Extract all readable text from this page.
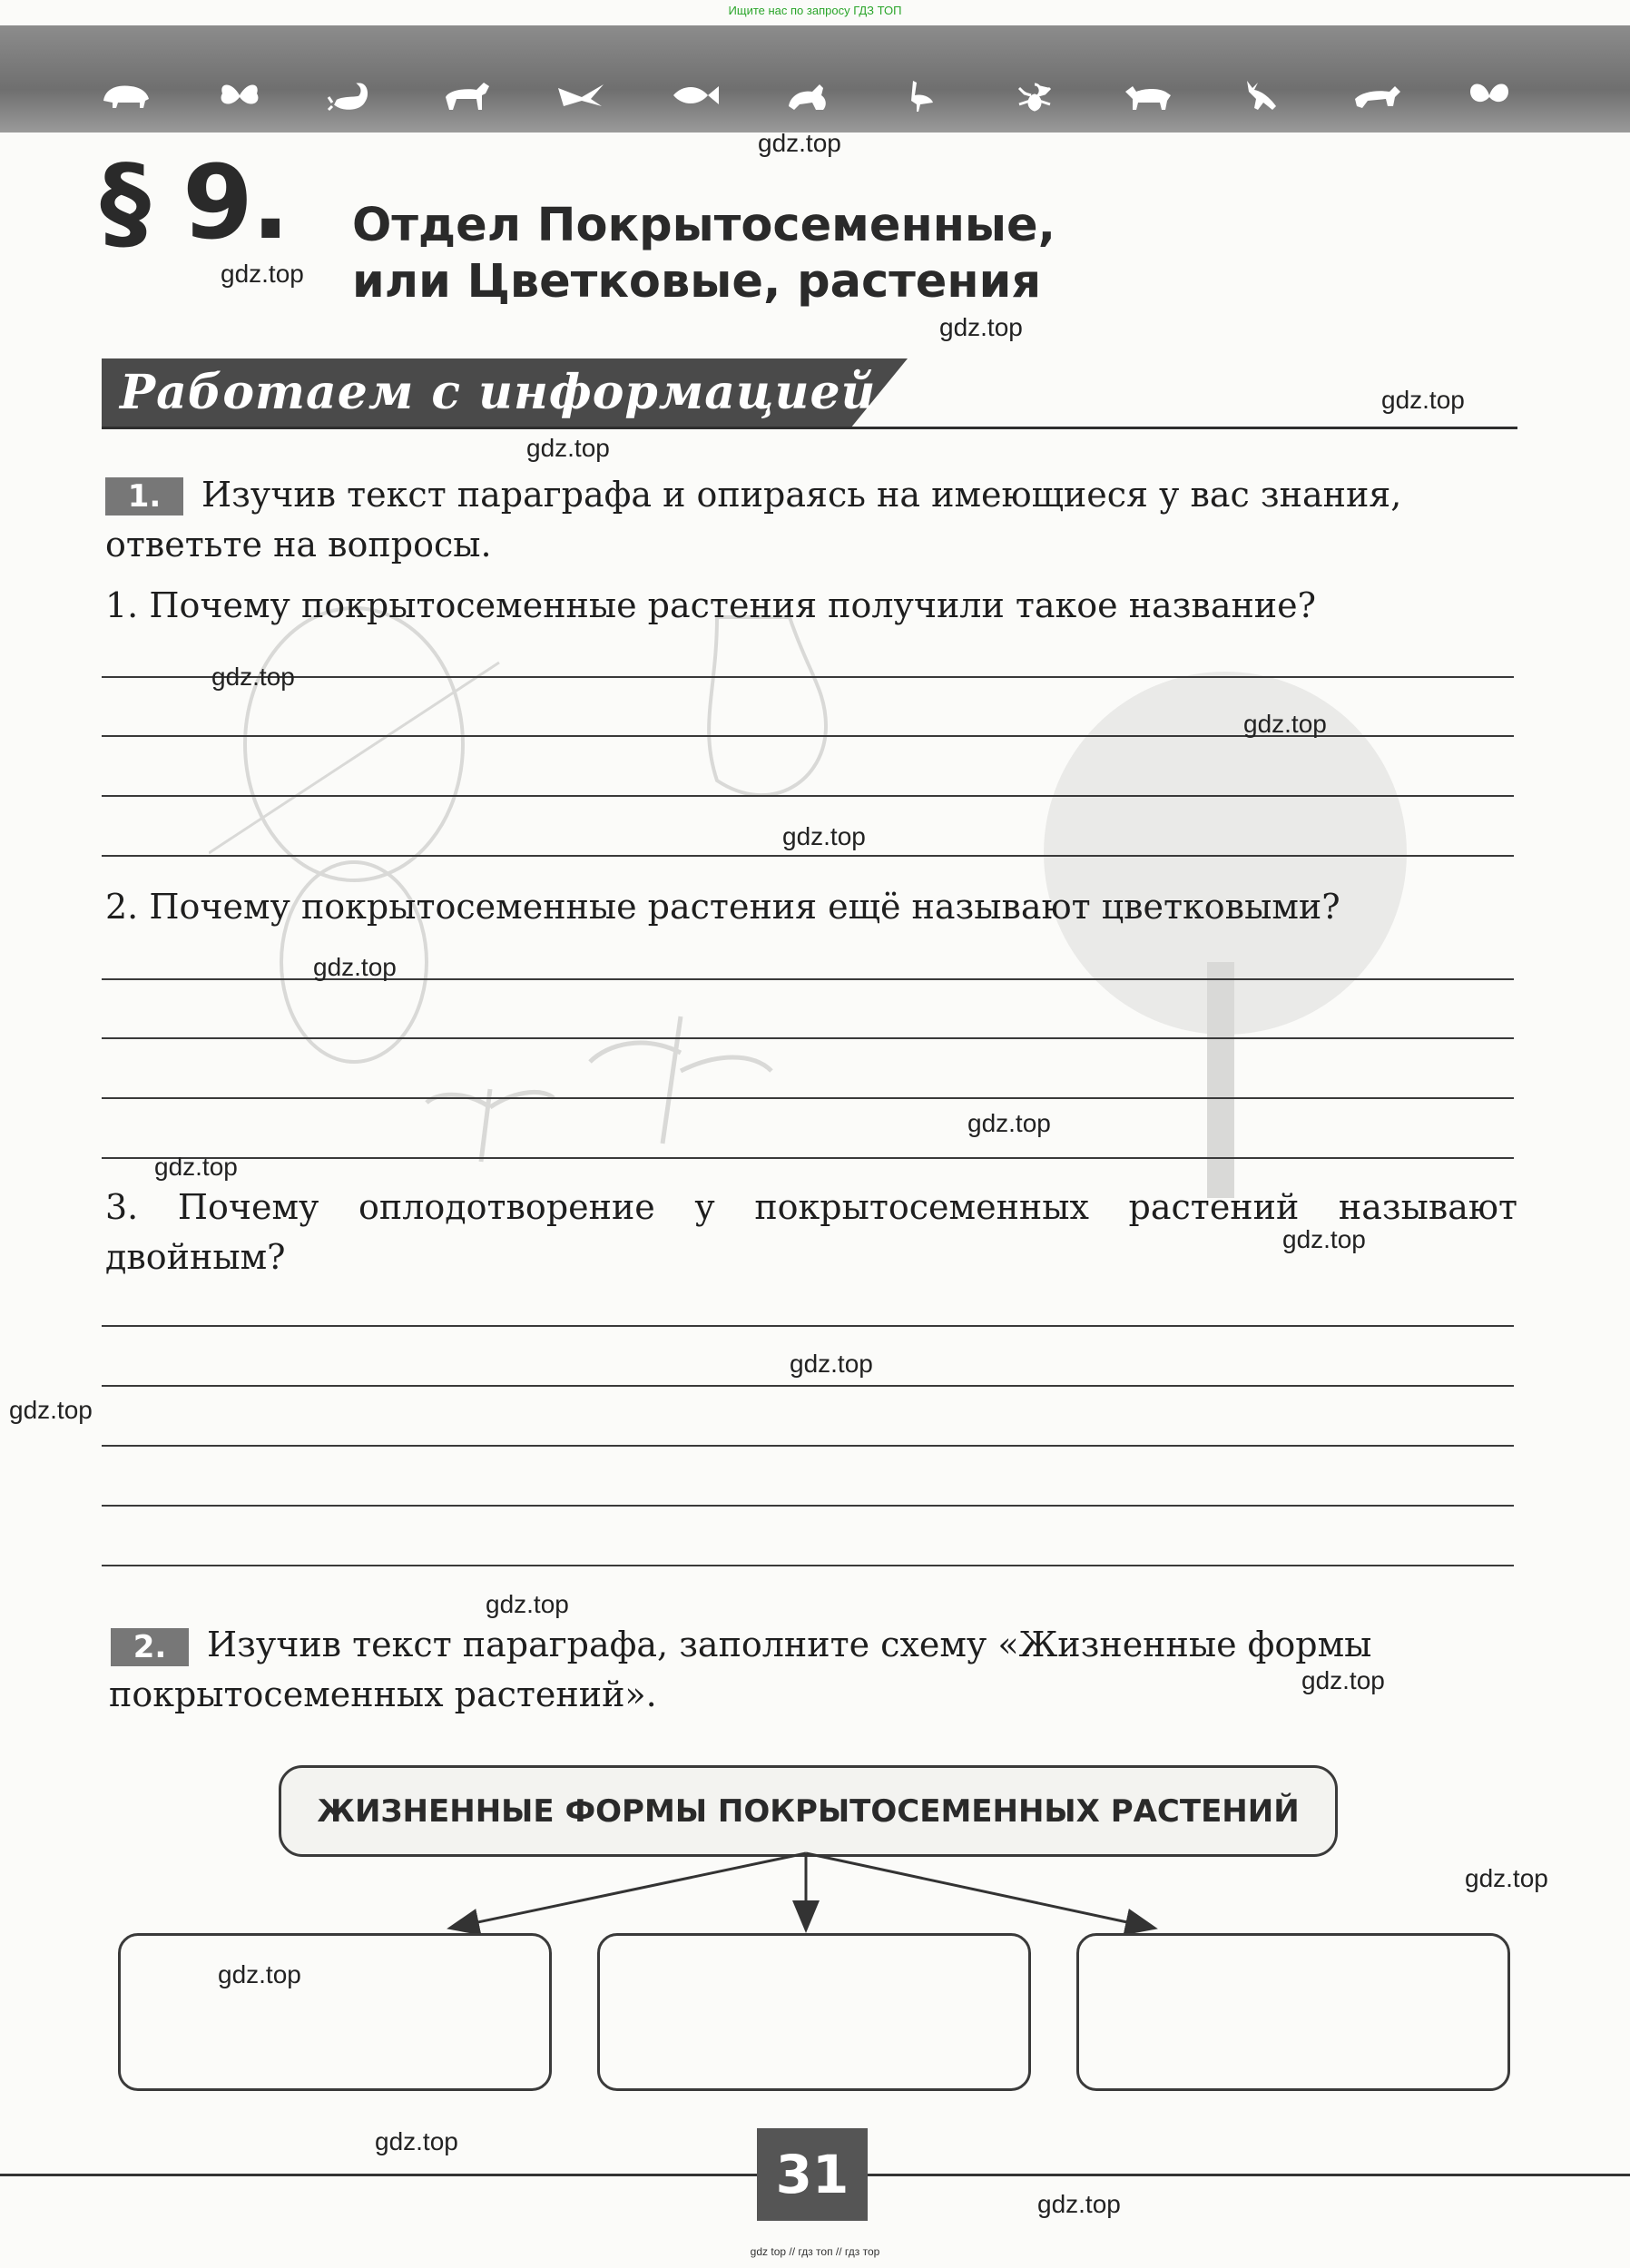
Ищите нас по запросу ГДЗ ТОП
§ 9. Отдел Покрытосеменные,
или Цветковые, растения
Работаем с информацией
1.	Изучив текст параграфа и опираясь на имеющиеся у вас знания,
ответьте на вопросы.
1. Почему покрытосеменные растения получили такое название?
2. Почему покрытосеменные растения ещё называют цветковыми?
3. Почему оплодотворение у покрытосеменных растений называют
двойным?
2.	Изучив текст параграфа, заполните схему «Жизненные формы
покрытосеменных растений».
ЖИЗНЕННЫЕ ФОРМЫ ПОКРЫТОСЕМЕННЫХ РАСТЕНИЙ
31
gdz.top
gdz.top
gdz.top
gdz.top
gdz.top
gdz.top
gdz.top
gdz.top
gdz.top
gdz.top
gdz.top
gdz.top
gdz.top
gdz.top
gdz.top
gdz.top
gdz.top
gdz.top
gdz.top
gdz.top
gdz top // гдз топ // гдз тор
